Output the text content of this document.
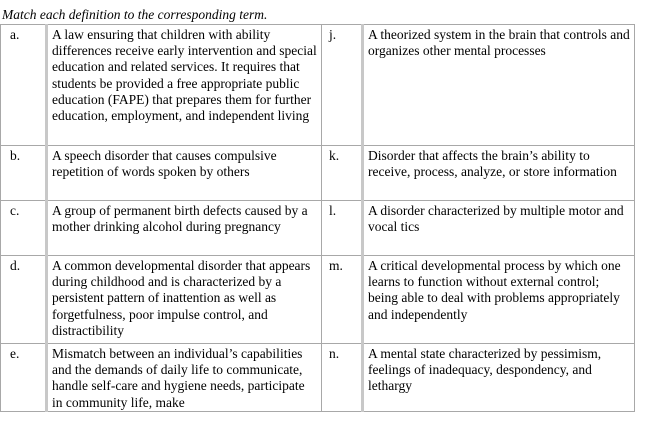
Match each definition to the corresponding term.
a.	A law ensuring that children with ability differences receive early intervention and special education and related services. It requires that students be provided a free appropriate public education (FAPE) that prepares them for further education, employment, and independent living	j.	A theorized system in the brain that controls and organizes other mental processes
b.	A speech disorder that causes compulsive repetition of words spoken by others	k.	Disorder that affects the brain’s ability to receive, process, analyze, or store information
c.	A group of permanent birth defects caused by a mother drinking alcohol during pregnancy	l.	A disorder characterized by multiple motor and vocal tics
d.	A common developmental disorder that appears during childhood and is characterized by a persistent pattern of inattention as well as forgetfulness, poor impulse control, and distractibility	m.	A critical developmental process by which one learns to function without external control; being able to deal with problems appropriately and independently
e.	Mismatch between an individual’s capabilities and the demands of daily life to communicate, handle self-care and hygiene needs, participate in community life, make	n.	A mental state characterized by pessimism, feelings of inadequacy, despondency, and lethargy
